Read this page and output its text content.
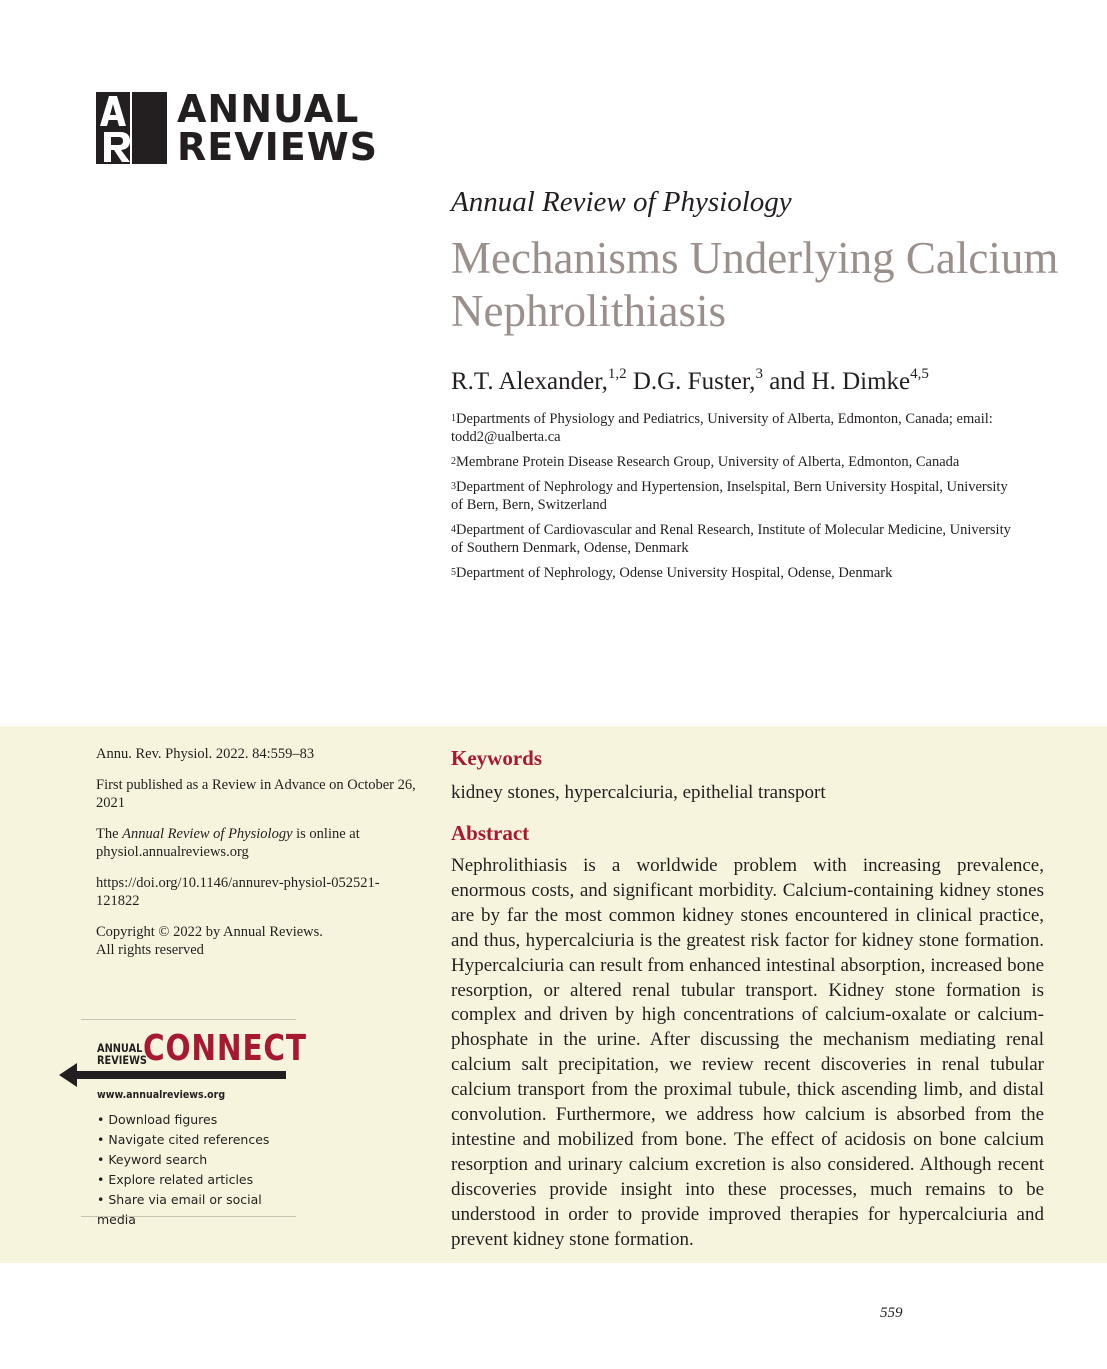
ANNUAL
REVIEWS
Annual Review of Physiology
Mechanisms Underlying Calcium Nephrolithiasis
R.T. Alexander,$^{1,2}$ D.G. Fuster,$^3$ and H. Dimke$^{4,5}$
$^1$Departments of Physiology and Pediatrics, University of Alberta, Edmonton, Canada; email: todd2@ualberta.ca
$^2$Membrane Protein Disease Research Group, University of Alberta, Edmonton, Canada
$^3$Department of Nephrology and Hypertension, Inselspital, Bern University Hospital, University of Bern, Bern, Switzerland
$^4$Department of Cardiovascular and Renal Research, Institute of Molecular Medicine, University of Southern Denmark, Odense, Denmark
$^5$Department of Nephrology, Odense University Hospital, Odense, Denmark

Annu. Rev. Physiol. 2022. 84:559–83

First published as a Review in Advance on October 26, 2021

The Annual Review of Physiology is online at physiol.annualreviews.org

https://doi.org/10.1146/annurev-physiol-052521-121822

Copyright © 2022 by Annual Reviews.
All rights reserved

ANNUAL
REVIEWS
CONNECT
www.annualreviews.org
• Download figures
• Navigate cited references
• Keyword search
• Explore related articles
• Share via email or social media
Keywords
kidney stones, hypercalciuria, epithelial transport
Abstract

Nephrolithiasis is a worldwide problem with increasing prevalence, enormous costs, and significant morbidity. Calcium-containing kidney stones are by far the most common kidney stones encountered in clinical practice, and thus, hypercalciuria is the greatest risk factor for kidney stone formation. Hypercalciuria can result from enhanced intestinal absorption, increased bone resorption, or altered renal tubular transport. Kidney stone formation is complex and driven by high concentrations of calcium-oxalate or calcium-phosphate in the urine. After discussing the mechanism mediating renal calcium salt precipitation, we review recent discoveries in renal tubular calcium transport from the proximal tubule, thick ascending limb, and distal convolution. Furthermore, we address how calcium is absorbed from the intestine and mobilized from bone. The effect of acidosis on bone calcium resorption and urinary calcium excretion is also considered. Although recent discoveries provide insight into these processes, much remains to be understood in order to provide improved therapies for hypercalciuria and prevent kidney stone formation.

559
